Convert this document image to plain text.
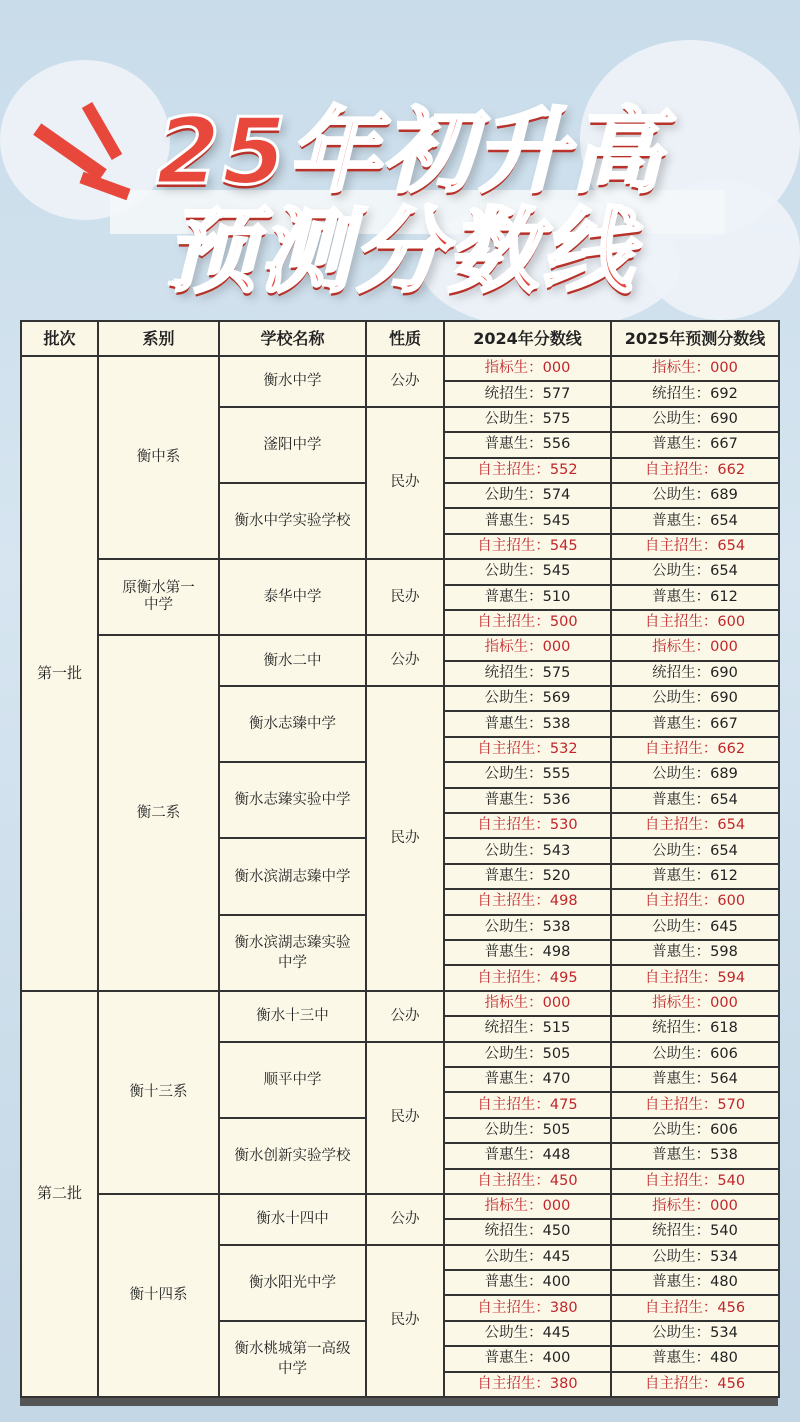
25年初升高
预测分数线
批次	系别	学校名称	性质	2024年分数线	2025年预测分数线
第一批	衡中系	衡水中学	公办	指标生：000	指标生：000
				统招生：577	统招生：692
		滏阳中学	民办	公助生：575	公助生：690
				普惠生：556	普惠生：667
				自主招生：552	自主招生：662
		衡水中学实验学校		公助生：574	公助生：689
				普惠生：545	普惠生：654
				自主招生：545	自主招生：654
	原衡水第一中学	泰华中学	民办	公助生：545	公助生：654
				普惠生：510	普惠生：612
				自主招生：500	自主招生：600
	衡二系	衡水二中	公办	指标生：000	指标生：000
				统招生：575	统招生：690
		衡水志臻中学	民办	公助生：569	公助生：690
				普惠生：538	普惠生：667
				自主招生：532	自主招生：662
		衡水志臻实验中学		公助生：555	公助生：689
				普惠生：536	普惠生：654
				自主招生：530	自主招生：654
		衡水滨湖志臻中学		公助生：543	公助生：654
				普惠生：520	普惠生：612
				自主招生：498	自主招生：600
		衡水滨湖志臻实验中学		公助生：538	公助生：645
				普惠生：498	普惠生：598
				自主招生：495	自主招生：594
第二批	衡十三系	衡水十三中	公办	指标生：000	指标生：000
				统招生：515	统招生：618
		顺平中学	民办	公助生：505	公助生：606
				普惠生：470	普惠生：564
				自主招生：475	自主招生：570
		衡水创新实验学校		公助生：505	公助生：606
				普惠生：448	普惠生：538
				自主招生：450	自主招生：540
	衡十四系	衡水十四中	公办	指标生：000	指标生：000
				统招生：450	统招生：540
		衡水阳光中学	民办	公助生：445	公助生：534
				普惠生：400	普惠生：480
				自主招生：380	自主招生：456
		衡水桃城第一高级中学		公助生：445	公助生：534
				普惠生：400	普惠生：480
				自主招生：380	自主招生：456
